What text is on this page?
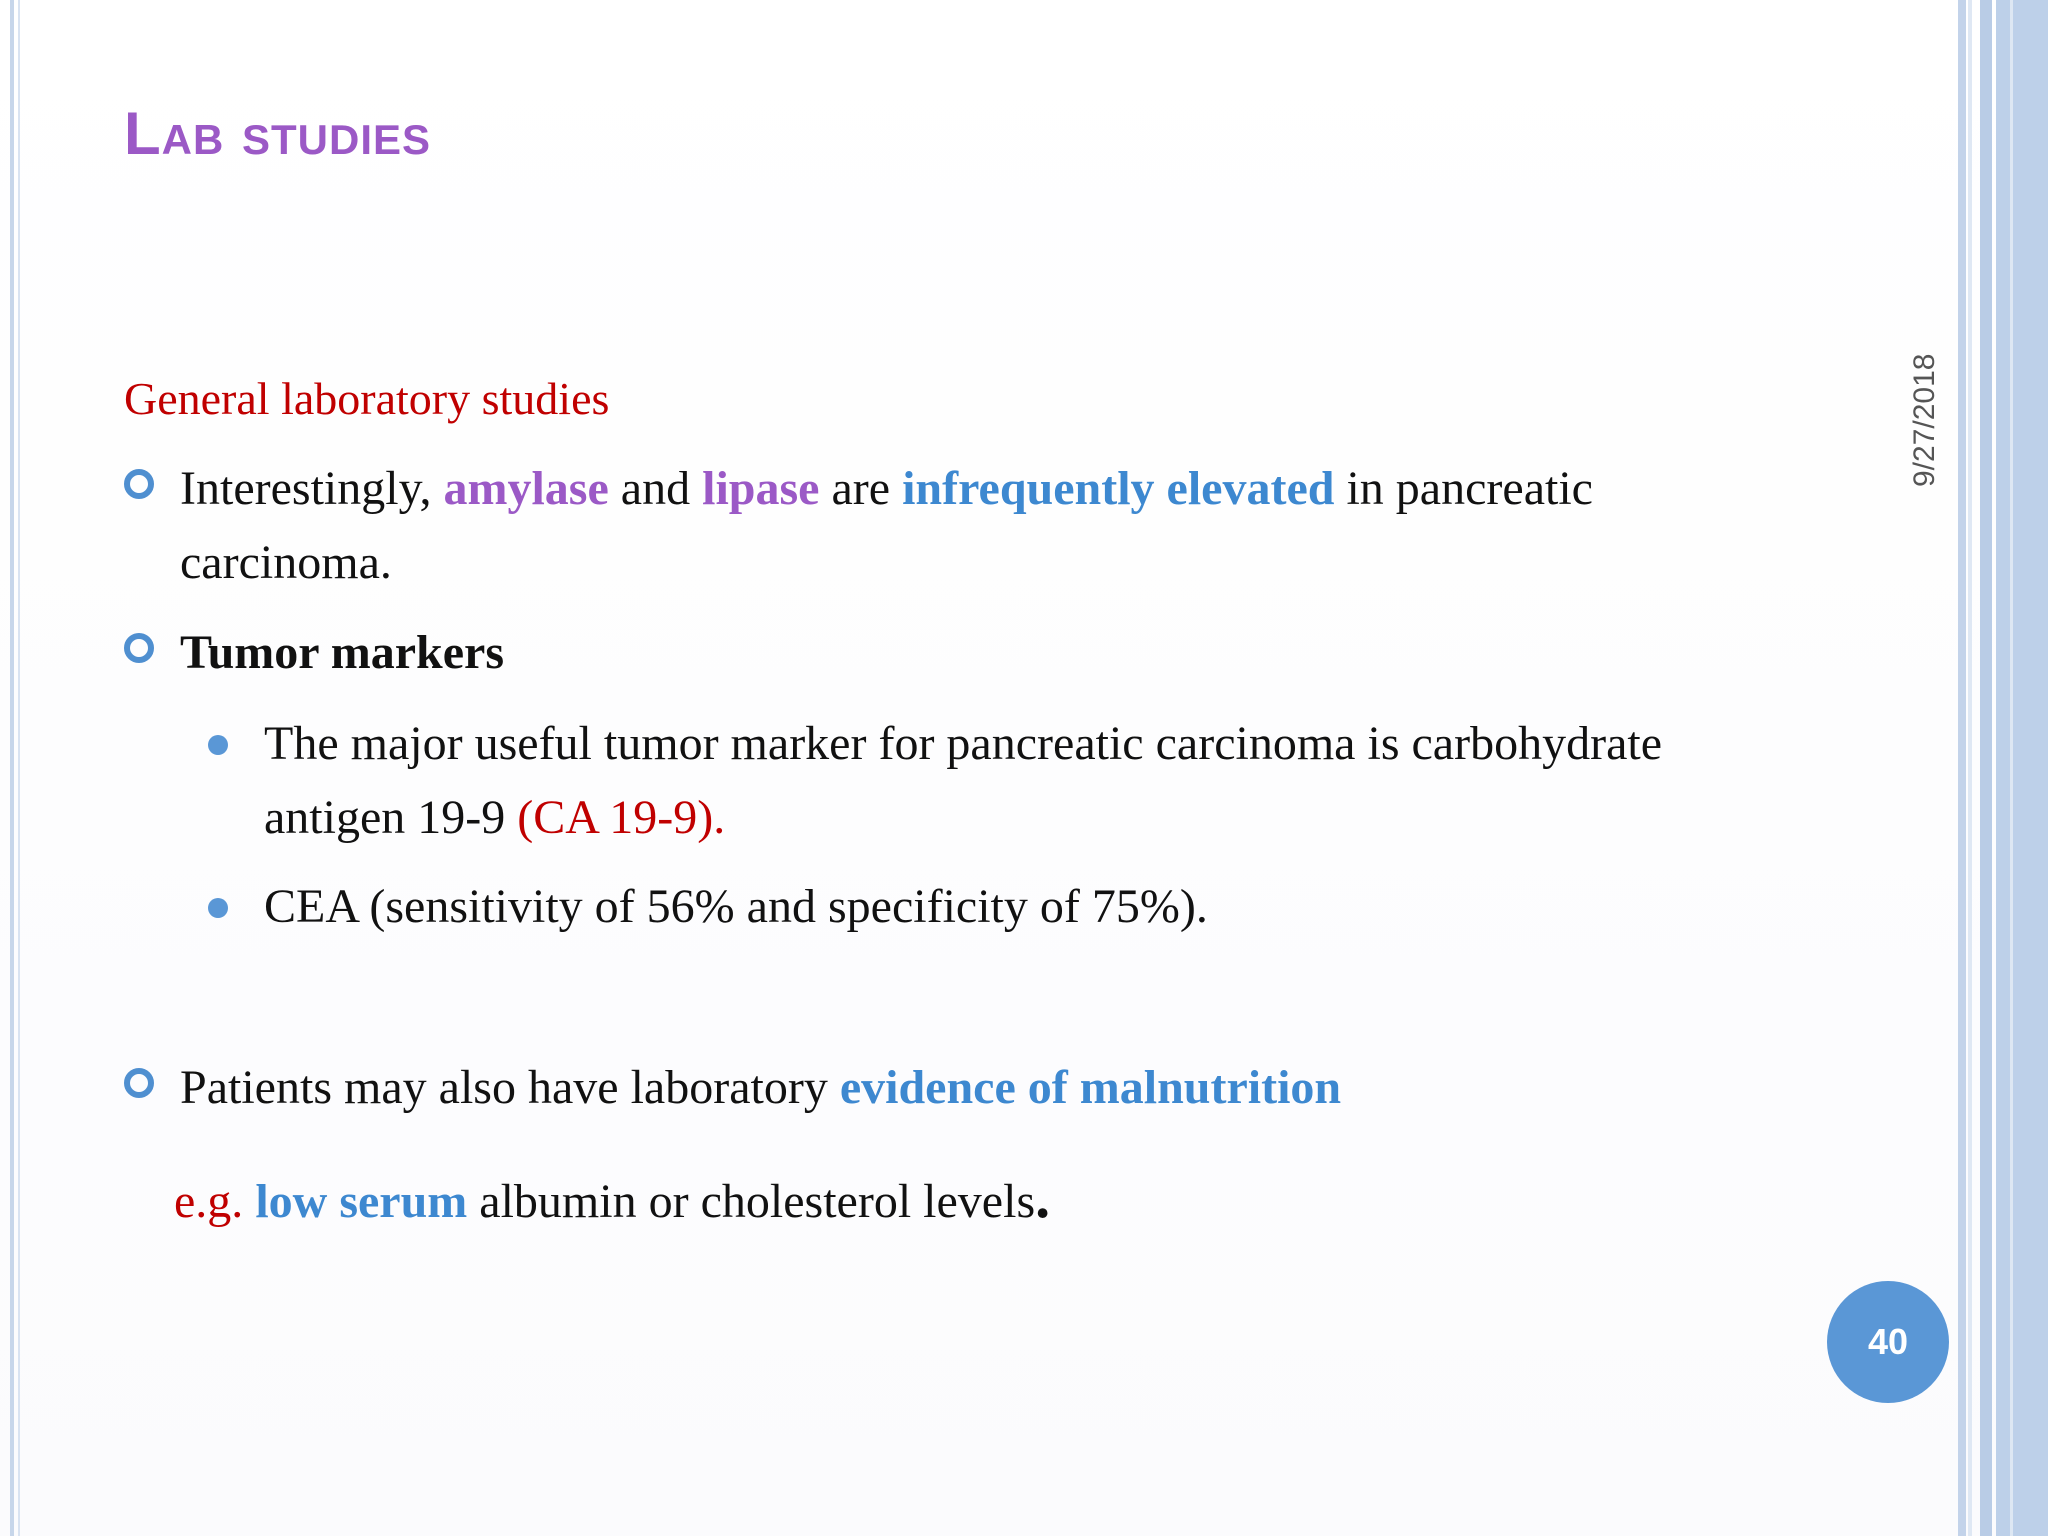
Lab studies
9/27/2018
General laboratory studies
Interestingly, amylase and lipase are infrequently elevated in pancreatic carcinoma.
Tumor markers
The major useful tumor marker for pancreatic carcinoma is carbohydrate antigen 19-9 (CA 19-9).
CEA (sensitivity of 56% and specificity of 75%).
Patients may also have laboratory evidence of malnutrition
e.g. low serum albumin or cholesterol levels.
40
